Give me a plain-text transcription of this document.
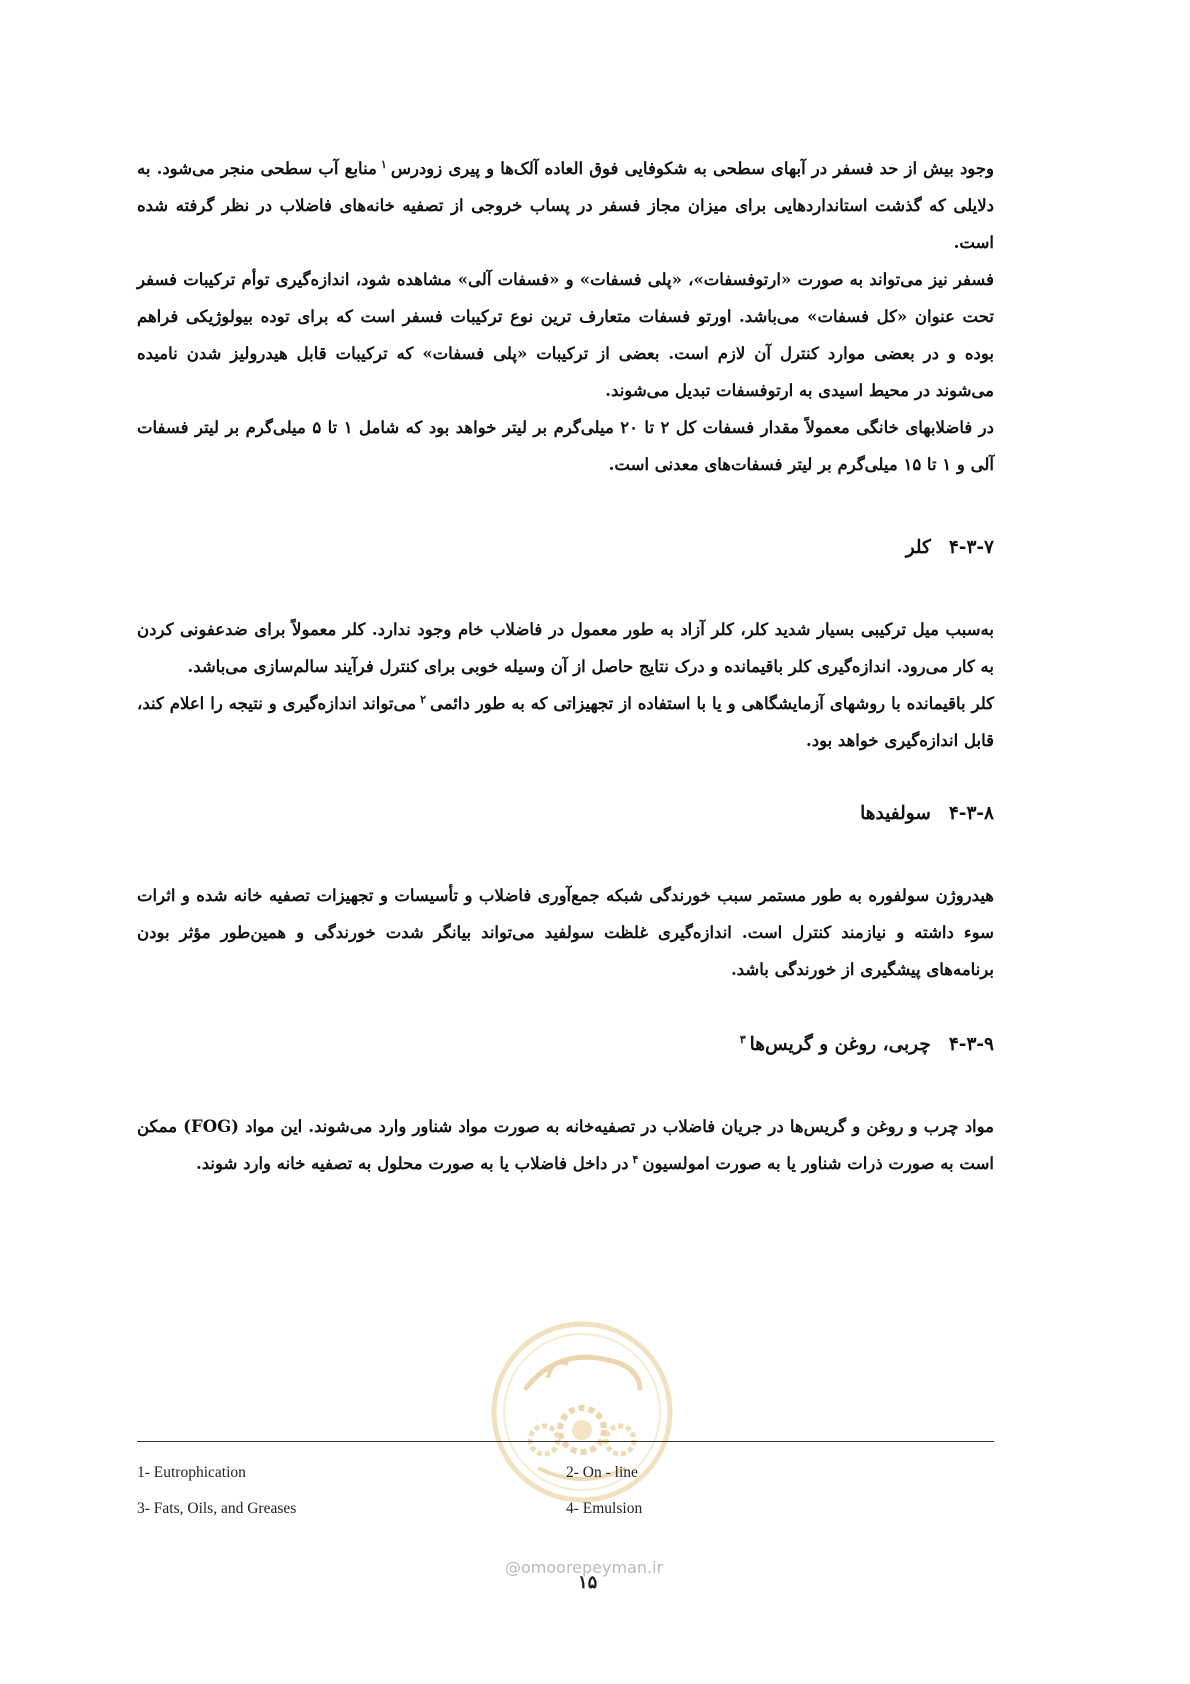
وجود بیش از حد فسفر در آبهای سطحی به شکوفایی فوق العاده آلک‌ها و پیری زودرس$^۱$منابع آب سطحی منجر می‌شود. به دلایلی که گذشت استانداردهایی برای میزان مجاز فسفر در پساب خروجی از تصفیه خانه‌های فاضلاب در نظر گرفته شده است.

فسفر نیز می‌تواند به صورت «ارتوفسفات»، «پلی فسفات» و «فسفات آلی» مشاهده شود، اندازه‌گیری توأم ترکیبات فسفر تحت عنوان «کل فسفات» می‌باشد. اورتو فسفات متعارف ترین نوع ترکیبات فسفر است که برای توده بیولوژیکی فراهم بوده و در بعضی موارد کنترل آن لازم است. بعضی از ترکیبات «پلی فسفات» که ترکیبات قابل هیدرولیز شدن نامیده می‌شوند در محیط اسیدی به ارتوفسفات تبدیل می‌شوند.

در فاضلابهای خانگی معمولاً مقدار فسفات کل ۲ تا ۲۰ میلی‌گرم بر لیتر خواهد بود که شامل ۱ تا ۵ میلی‌گرم بر لیتر فسفات آلی و ۱ تا ۱۵ میلی‌گرم بر لیتر فسفات‌های معدنی است.

۴-۳-۷کلر

به‌سبب میل ترکیبی بسیار شدید کلر، کلر آزاد به طور معمول در فاضلاب خام وجود ندارد. کلر معمولاً برای ضدعفونی کردن به کار می‌رود. اندازه‌گیری کلر باقیمانده و درک نتایج حاصل از آن وسیله خوبی برای کنترل فرآیند سالم‌سازی می‌باشد.

کلر باقیمانده با روشهای آزمایشگاهی و یا با استفاده از تجهیزاتی که به طور دائمی$^۲$می‌تواند اندازه‌گیری و نتیجه را اعلام کند، قابل اندازه‌گیری خواهد بود.

۴-۳-۸سولفیدها

هیدروژن سولفوره به طور مستمر سبب خورندگی شبکه جمع‌آوری فاضلاب و تأسیسات و تجهیزات تصفیه خانه شده و اثرات سوء داشته و نیازمند کنترل است. اندازه‌گیری غلظت سولفید می‌تواند بیانگر شدت خورندگی و همین‌طور مؤثر بودن برنامه‌های پیشگیری از خورندگی باشد.

۴-۳-۹چربی، روغن و گریس‌ها$^۳$

مواد چرب و روغن و گریس‌ها در جریان فاضلاب در تصفیه‌خانه به صورت مواد شناور وارد می‌شوند. این مواد (FOG) ممکن است به صورت ذرات شناور یا به صورت امولسیون$^۴$در داخل فاضلاب یا به صورت محلول به تصفیه خانه وارد شوند.

1- Eutrophication	2- On - line
3- Fats, Oils, and Greases	4- Emulsion
@omoorepeyman.ir
۱۵
